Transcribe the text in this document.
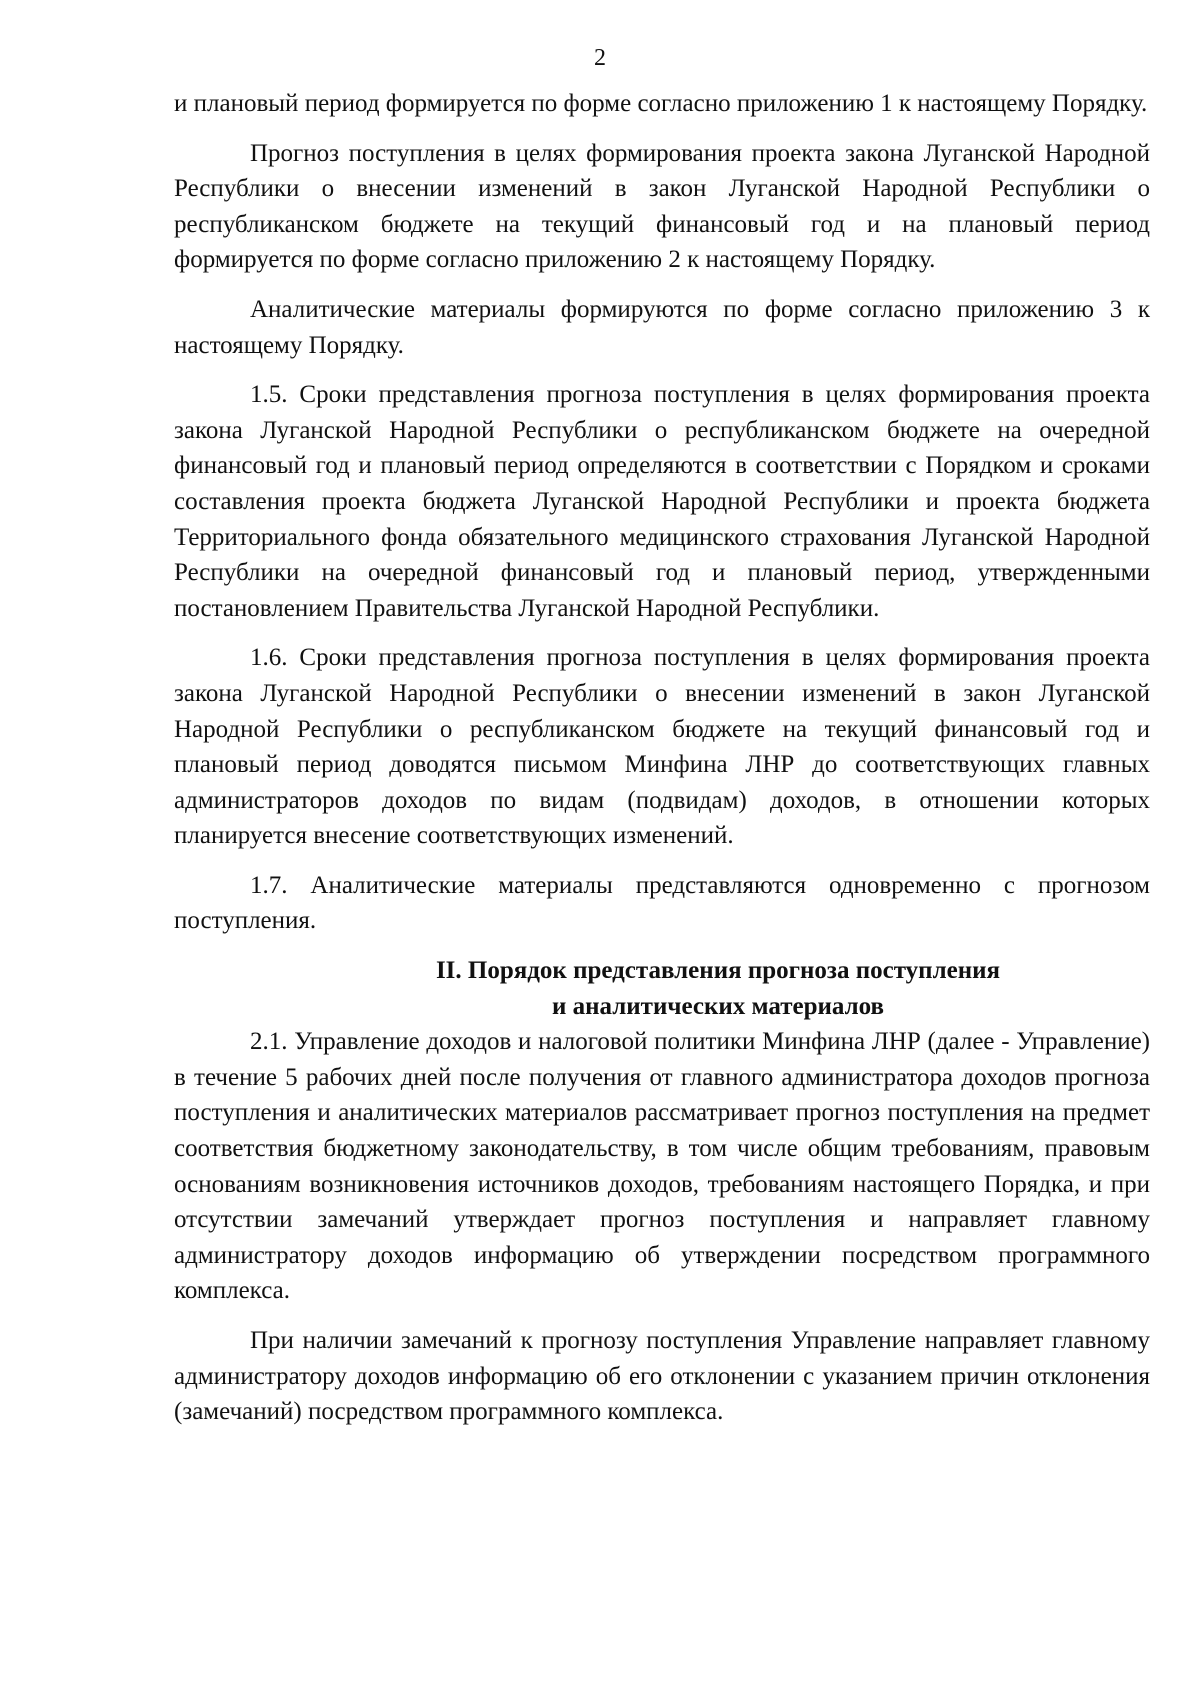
2

и плановый период формируется по форме согласно приложению 1 к настоящему Порядку.

Прогноз поступления в целях формирования проекта закона Луганской Народной Республики о внесении изменений в закон Луганской Народной Республики о республиканском бюджете на текущий финансовый год и на плановый период формируется по форме согласно приложению 2 к настоящему Порядку.

Аналитические материалы формируются по форме согласно приложению 3 к настоящему Порядку.

1.5. Сроки представления прогноза поступления в целях формирования проекта закона Луганской Народной Республики о республиканском бюджете на очередной финансовый год и плановый период определяются в соответствии с Порядком и сроками составления проекта бюджета Луганской Народной Республики и проекта бюджета Территориального фонда обязательного медицинского страхования Луганской Народной Республики на очередной финансовый год и плановый период, утвержденными постановлением Правительства Луганской Народной Республики.

1.6. Сроки представления прогноза поступления в целях формирования проекта закона Луганской Народной Республики о внесении изменений в закон Луганской Народной Республики о республиканском бюджете на текущий финансовый год и плановый период доводятся письмом Минфина ЛНР до соответствующих главных администраторов доходов по видам (подвидам) доходов, в отношении которых планируется внесение соответствующих изменений.

1.7. Аналитические материалы представляются одновременно с прогнозом поступления.

II. Порядок представления прогноза поступления
и аналитических материалов

2.1. Управление доходов и налоговой политики Минфина ЛНР (далее - Управление) в течение 5 рабочих дней после получения от главного администратора доходов прогноза поступления и аналитических материалов рассматривает прогноз поступления на предмет соответствия бюджетному законодательству, в том числе общим требованиям, правовым основаниям возникновения источников доходов, требованиям настоящего Порядка, и при отсутствии замечаний утверждает прогноз поступления и направляет главному администратору доходов информацию об утверждении посредством программного комплекса.

При наличии замечаний к прогнозу поступления Управление направляет главному администратору доходов информацию об его отклонении с указанием причин отклонения (замечаний) посредством программного комплекса.
